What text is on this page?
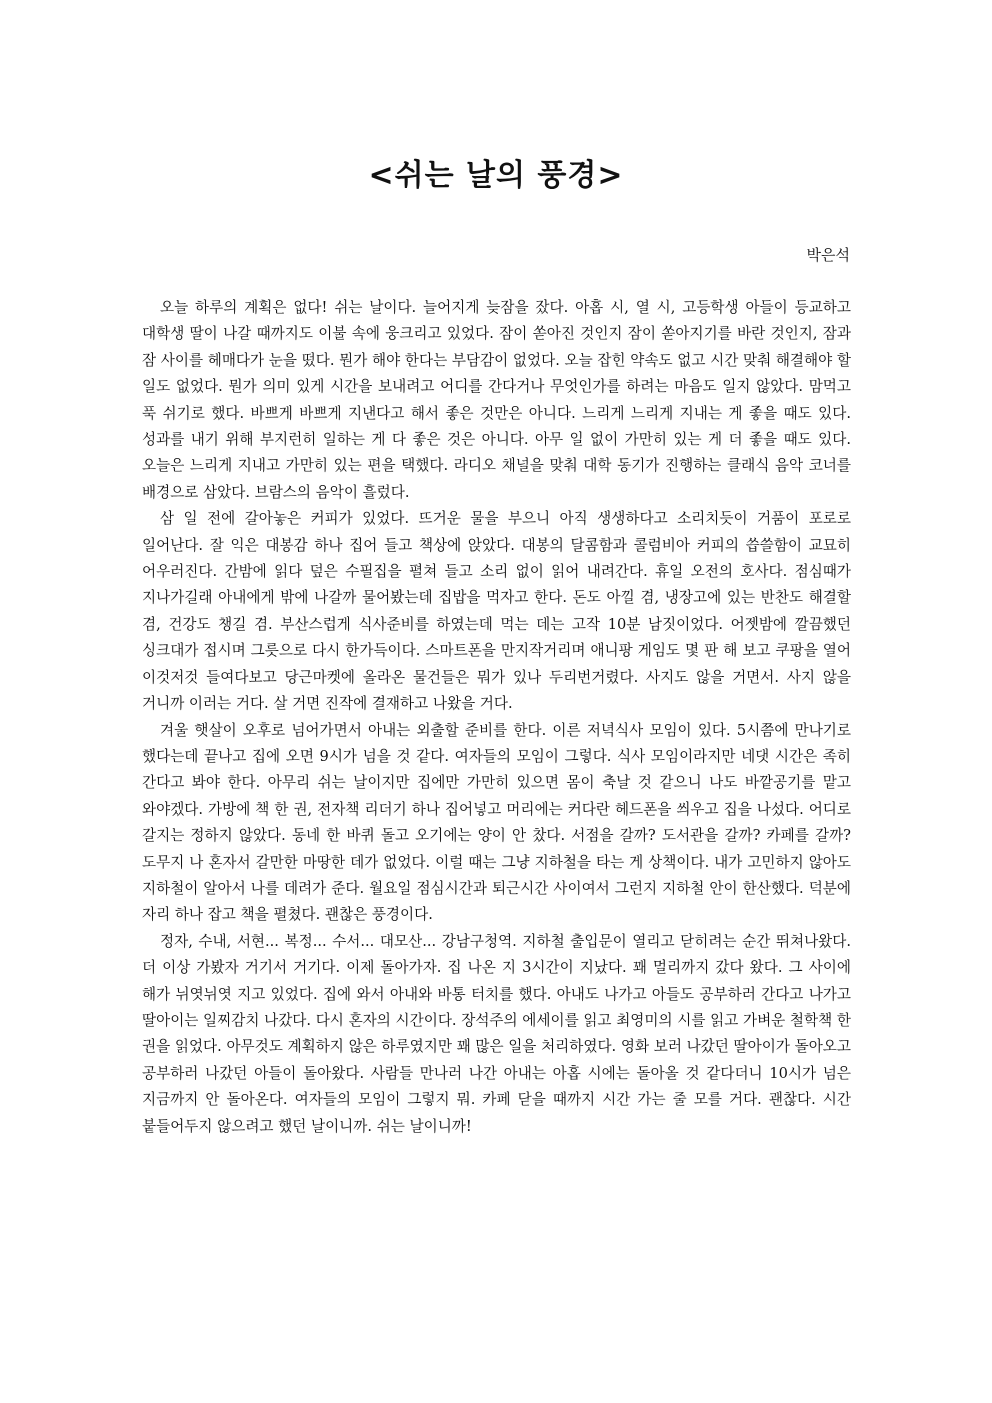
<쉬는 날의 풍경>

박은석

오늘 하루의 계획은 없다! 쉬는 날이다. 늘어지게 늦잠을 잤다. 아홉 시, 열 시, 고등학생 아들이 등교하고 대학생 딸이 나갈 때까지도 이불 속에 웅크리고 있었다. 잠이 쏟아진 것인지 잠이 쏟아지기를 바란 것인지, 잠과 잠 사이를 헤매다가 눈을 떴다. 뭔가 해야 한다는 부담감이 없었다. 오늘 잡힌 약속도 없고 시간 맞춰 해결해야 할 일도 없었다. 뭔가 의미 있게 시간을 보내려고 어디를 간다거나 무엇인가를 하려는 마음도 일지 않았다. 맘먹고 푹 쉬기로 했다. 바쁘게 바쁘게 지낸다고 해서 좋은 것만은 아니다. 느리게 느리게 지내는 게 좋을 때도 있다. 성과를 내기 위해 부지런히 일하는 게 다 좋은 것은 아니다. 아무 일 없이 가만히 있는 게 더 좋을 때도 있다. 오늘은 느리게 지내고 가만히 있는 편을 택했다. 라디오 채널을 맞춰 대학 동기가 진행하는 클래식 음악 코너를 배경으로 삼았다. 브람스의 음악이 흘렀다.

삼 일 전에 갈아놓은 커피가 있었다. 뜨거운 물을 부으니 아직 생생하다고 소리치듯이 거품이 포로로 일어난다. 잘 익은 대봉감 하나 집어 들고 책상에 앉았다. 대봉의 달콤함과 콜럼비아 커피의 씁쓸함이 교묘히 어우러진다. 간밤에 읽다 덮은 수필집을 펼쳐 들고 소리 없이 읽어 내려간다. 휴일 오전의 호사다. 점심때가 지나가길래 아내에게 밖에 나갈까 물어봤는데 집밥을 먹자고 한다. 돈도 아낄 겸, 냉장고에 있는 반찬도 해결할 겸, 건강도 챙길 겸. 부산스럽게 식사준비를 하였는데 먹는 데는 고작 10분 남짓이었다. 어젯밤에 깔끔했던 싱크대가 접시며 그릇으로 다시 한가득이다. 스마트폰을 만지작거리며 애니팡 게임도 몇 판 해 보고 쿠팡을 열어 이것저것 들여다보고 당근마켓에 올라온 물건들은 뭐가 있나 두리번거렸다. 사지도 않을 거면서. 사지 않을 거니까 이러는 거다. 살 거면 진작에 결재하고 나왔을 거다.

겨울 햇살이 오후로 넘어가면서 아내는 외출할 준비를 한다. 이른 저녁식사 모임이 있다. 5시쯤에 만나기로 했다는데 끝나고 집에 오면 9시가 넘을 것 같다. 여자들의 모임이 그렇다. 식사 모임이라지만 네댓 시간은 족히 간다고 봐야 한다. 아무리 쉬는 날이지만 집에만 가만히 있으면 몸이 축날 것 같으니 나도 바깥공기를 맡고 와야겠다. 가방에 책 한 권, 전자책 리더기 하나 집어넣고 머리에는 커다란 헤드폰을 씌우고 집을 나섰다. 어디로 갈지는 정하지 않았다. 동네 한 바퀴 돌고 오기에는 양이 안 찼다. 서점을 갈까? 도서관을 갈까? 카페를 갈까? 도무지 나 혼자서 갈만한 마땅한 데가 없었다. 이럴 때는 그냥 지하철을 타는 게 상책이다. 내가 고민하지 않아도 지하철이 알아서 나를 데려가 준다. 월요일 점심시간과 퇴근시간 사이여서 그런지 지하철 안이 한산했다. 덕분에 자리 하나 잡고 책을 펼쳤다. 괜찮은 풍경이다.

정자, 수내, 서현... 복정... 수서... 대모산... 강남구청역. 지하철 출입문이 열리고 닫히려는 순간 뛰쳐나왔다. 더 이상 가봤자 거기서 거기다. 이제 돌아가자. 집 나온 지 3시간이 지났다. 꽤 멀리까지 갔다 왔다. 그 사이에 해가 뉘엿뉘엿 지고 있었다. 집에 와서 아내와 바통 터치를 했다. 아내도 나가고 아들도 공부하러 간다고 나가고 딸아이는 일찌감치 나갔다. 다시 혼자의 시간이다. 장석주의 에세이를 읽고 최영미의 시를 읽고 가벼운 철학책 한 권을 읽었다. 아무것도 계획하지 않은 하루였지만 꽤 많은 일을 처리하였다. 영화 보러 나갔던 딸아이가 돌아오고 공부하러 나갔던 아들이 돌아왔다. 사람들 만나러 나간 아내는 아홉 시에는 돌아올 것 같다더니 10시가 넘은 지금까지 안 돌아온다. 여자들의 모임이 그렇지 뭐. 카페 닫을 때까지 시간 가는 줄 모를 거다. 괜찮다. 시간 붙들어두지 않으려고 했던 날이니까. 쉬는 날이니까!
